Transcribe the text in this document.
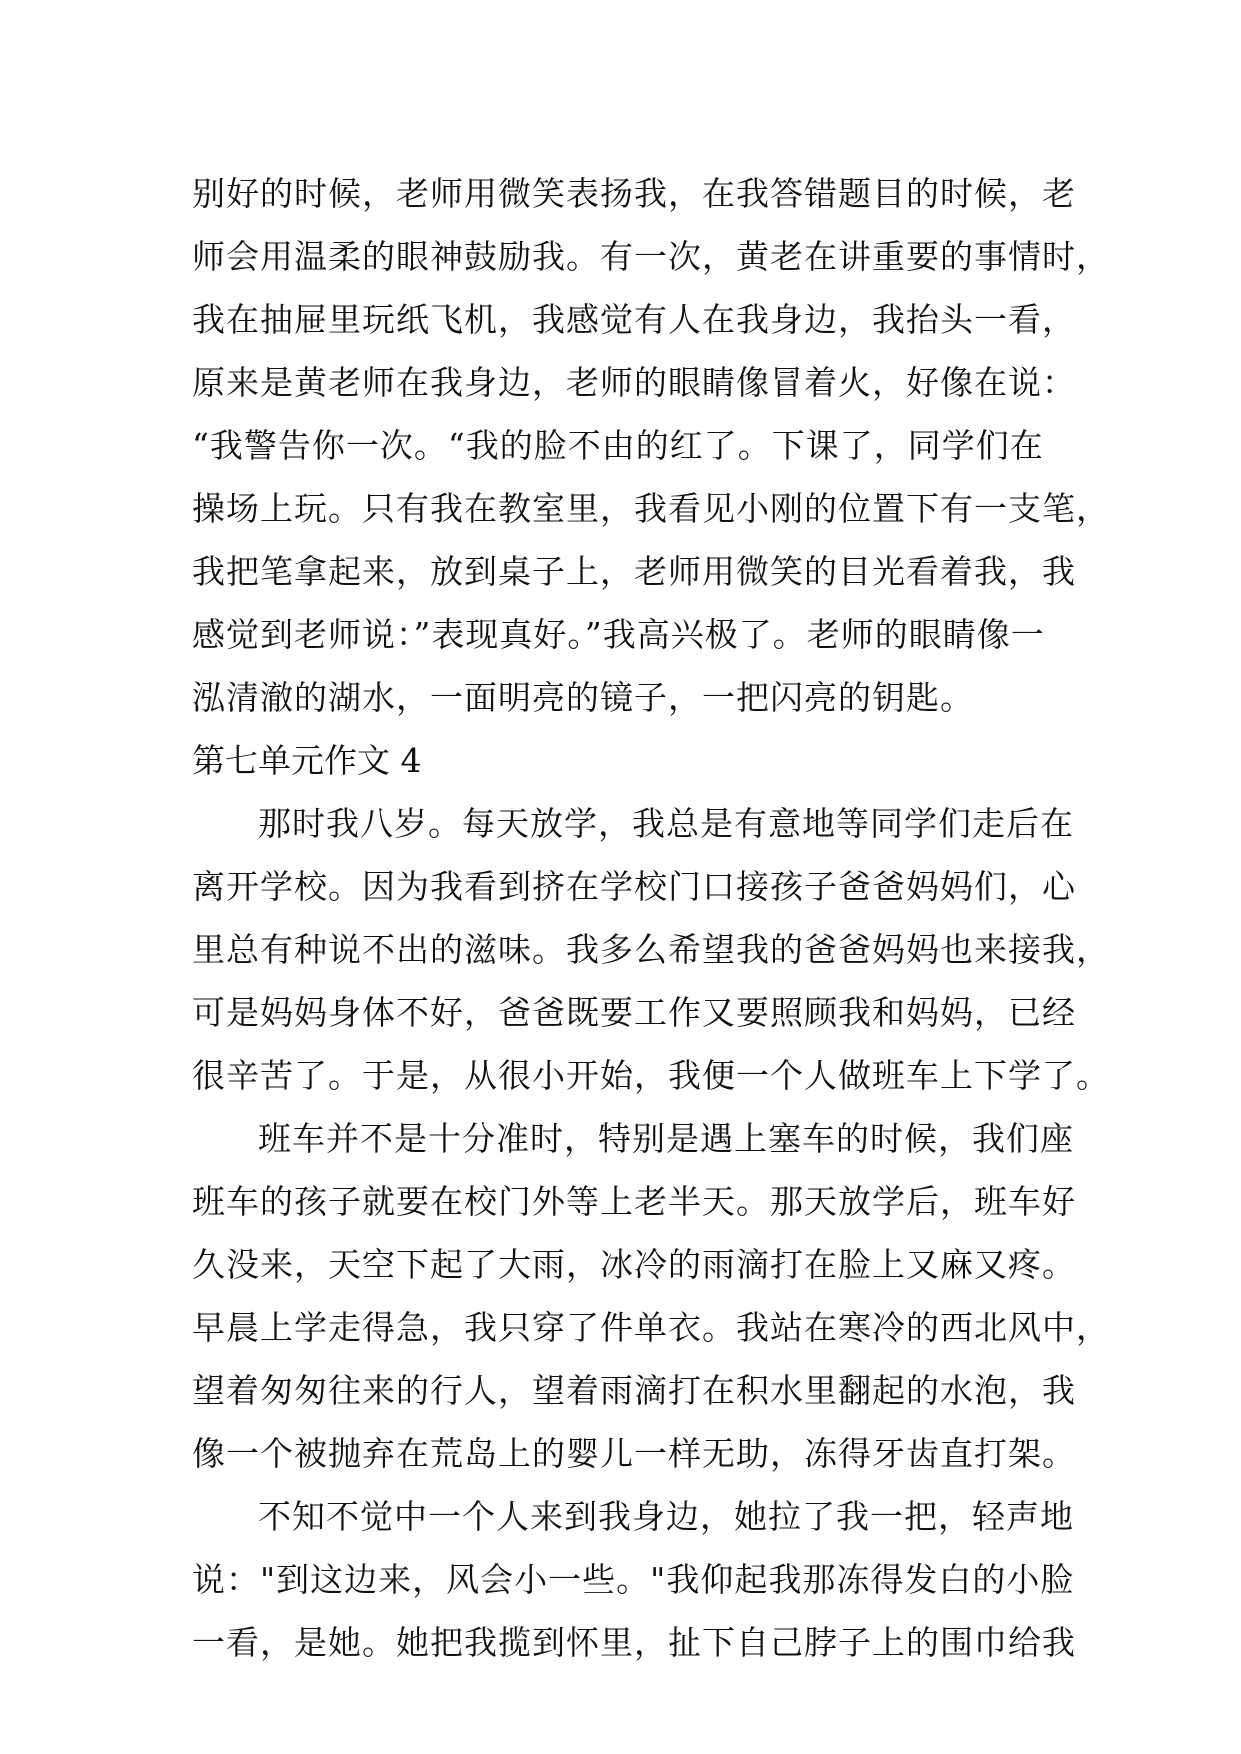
别好的时候，老师用微笑表扬我，在我答错题目的时候，老
师会用温柔的眼神鼓励我。有一次，黄老在讲重要的事情时，
我在抽屉里玩纸飞机，我感觉有人在我身边，我抬头一看，
原来是黄老师在我身边，老师的眼睛像冒着火，好像在说：
“我警告你一次。“我的脸不由的红了。下课了，同学们在
操场上玩。只有我在教室里，我看见小刚的位置下有一支笔，
我把笔拿起来，放到桌子上，老师用微笑的目光看着我，我
感觉到老师说：”表现真好。”我高兴极了。老师的眼睛像一
泓清澈的湖水，一面明亮的镜子，一把闪亮的钥匙。
第七单元作文 4
那时我八岁。每天放学，我总是有意地等同学们走后在
离开学校。因为我看到挤在学校门口接孩子爸爸妈妈们，心
里总有种说不出的滋味。我多么希望我的爸爸妈妈也来接我，
可是妈妈身体不好，爸爸既要工作又要照顾我和妈妈，已经
很辛苦了。于是，从很小开始，我便一个人做班车上下学了。
班车并不是十分准时，特别是遇上塞车的时候，我们座
班车的孩子就要在校门外等上老半天。那天放学后，班车好
久没来，天空下起了大雨，冰冷的雨滴打在脸上又麻又疼。
早晨上学走得急，我只穿了件单衣。我站在寒冷的西北风中，
望着匆匆往来的行人，望着雨滴打在积水里翻起的水泡，我
像一个被抛弃在荒岛上的婴儿一样无助，冻得牙齿直打架。
不知不觉中一个人来到我身边，她拉了我一把，轻声地
说："到这边来，风会小一些。"我仰起我那冻得发白的小脸
一看，是她。她把我揽到怀里，扯下自己脖子上的围巾给我
